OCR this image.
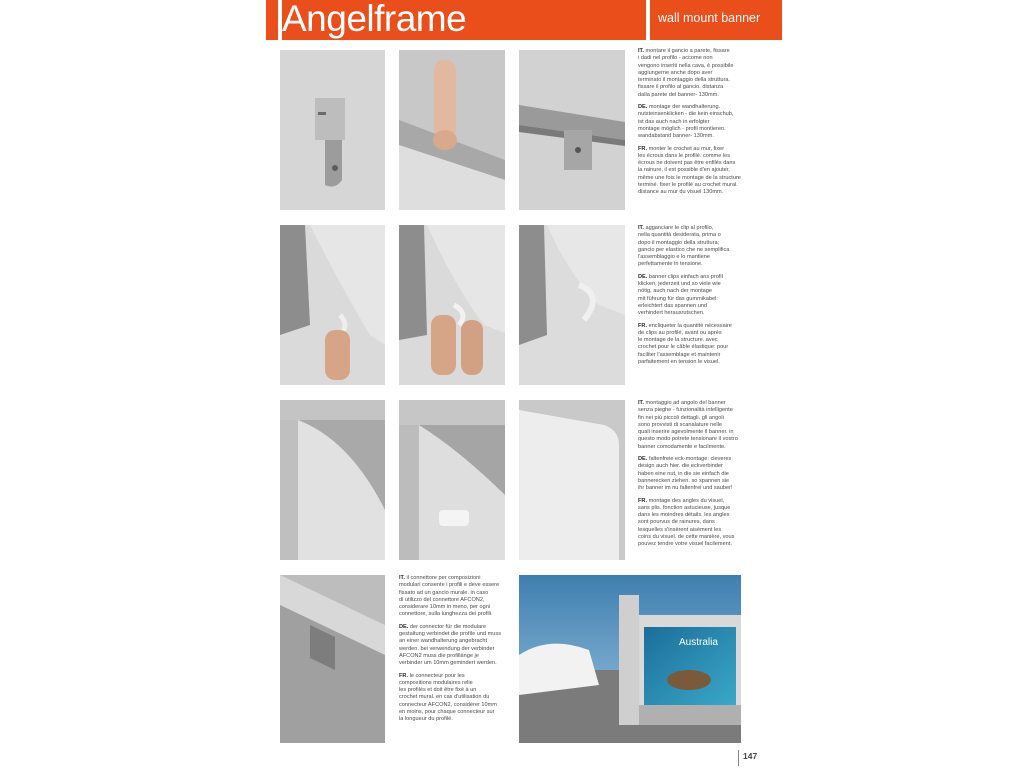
Angelframe	wall mount banner
Australia

IT. montare il gancio a parete, fissare
i dadi nel profilo - accome non
vengono inseriti nella cava, è possibile
aggiungerne anche dopo aver
terminato il montaggio della struttura.
fissare il profilo al gancio. distanza
dalla parete del banner- 130mm.

DE. montage der wandhalterung.
nutsteinsenklicken - die kein einschub,
ist das auch nach in erfolgter
montage möglich - profil montieren.
wandabstand banner- 130mm.

FR. monter le crochet au mur, fixer
les écrous dans le profilé. comme les
écrous ne doivent pas être enfilés dans
la rainure, il est possible d'en ajouter,
même une fois le montage de la structure
terminé. fixer le profilé au crochet mural.
distance au mur du visuel 130mm.

IT. agganciare le clip al profilo,
nella quantità desiderata, prima o
dopo il montaggio della struttura;
gancio per elastico che ne semplifica
l'assemblaggio e lo mantiene
perfettamente in tensione.

DE. banner clips einfach ans profil
klicken, jederzeit und so viele wie
nötig, auch nach der montage
mit führung für das gummikabel:
erleichtert das spannen und
verhindert herausrutschen.

FR. encliqueter la quantité nécessaire
de clips au profilé, avant ou après
le montage de la structure. avec
crochet pour le câble élastique: pour
faciliter l'assemblage et maintenir
parfaitement en tension le visuel.

IT. montaggio ad angolo del banner
senza pieghe - funzionalità intelligente
fin nei più piccoli dettagli. gli angoli
sono provvisti di scanalature nelle
quali inserire agevolmente il banner. in
questo modo potrete tensionare il vostro
banner comodamente e facilmente.

DE. faltenfreie eck-montage: cleveres
design auch hier. die eckverbinder
haben eine nut, in die sie einfach die
bannerecken ziehen. so spannen sie
ihr banner im nu faltenfrei und sauber!

FR. montage des angles du visuel,
sans plis. fonction astucieuse, jusque
dans les moindres détails. les angles
sont pourvus de rainures, dans
lesquelles s'insèrent aisément les
coins du visuel. de cette manière, vous
pouvez tendre votre visuel facilement.

IT. il connettore per composizioni
modulari consente i profili e deve essere
fissato ad un gancio murale. in caso
di utilizzo del connettore AFCON2,
considerare 10mm in meno, per ogni
connettore, sulla lunghezza dei profili.

DE. der connector für die modulare
gestaltung verbindet die profile und muss
an einer wandhalterung angebracht
werden. bei verwendung der verbinder
AFCON2 muss die profillänge je
verbinder um 10mm gemindert werden.

FR. le connecteur pour les
compositions modulaires relie
les profilés et doit être fixé à un
crochet mural. en cas d'utilisation du
connecteur AFCON2, considérer 10mm
en moins, pour chaque connecteur sur
la longueur du profilé.

147
